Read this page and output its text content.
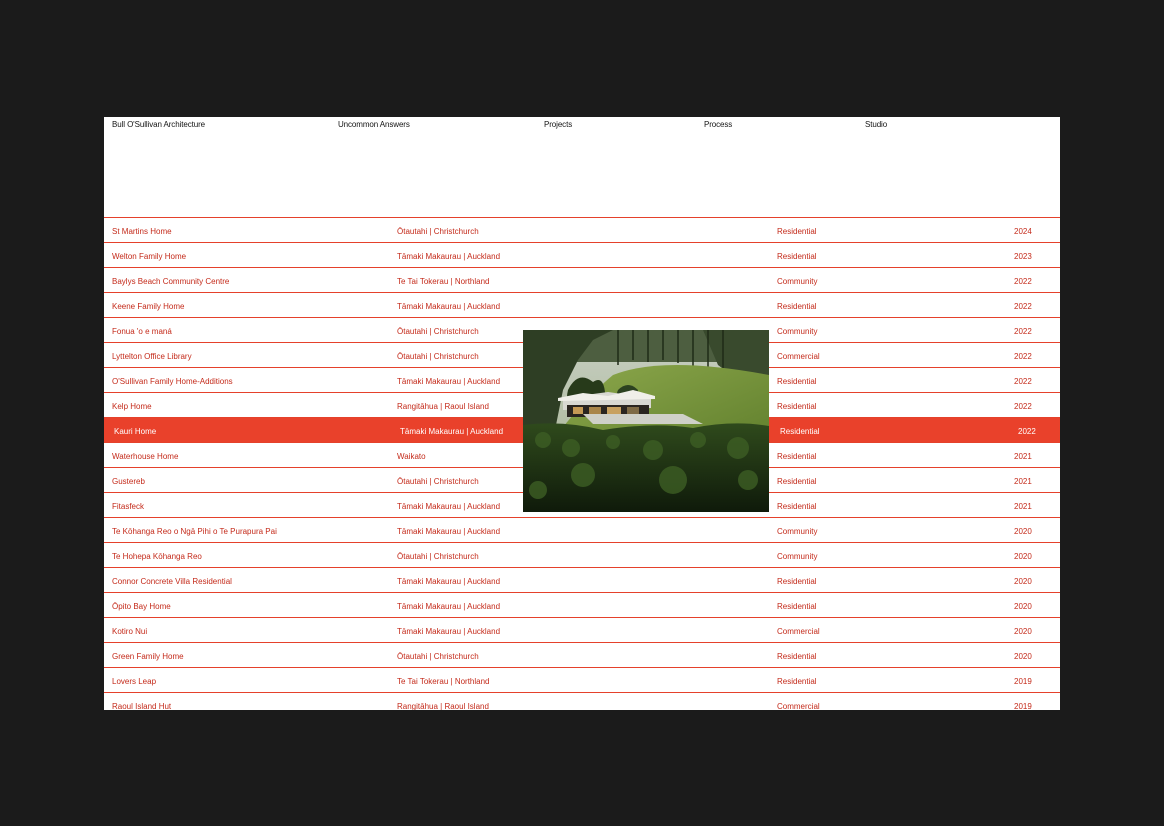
Bull O'Sullivan Architecture	Uncommon Answers	Projects	Process	Studio
St Martins Home	Ōtautahi | Christchurch	Residential	2024
Welton Family Home	Tāmaki Makaurau | Auckland	Residential	2023
Baylys Beach Community Centre	Te Tai Tokerau | Northland	Community	2022
Keene Family Home	Tāmaki Makaurau | Auckland	Residential	2022
Fonua 'o e maná	Ōtautahi | Christchurch	Community	2022
Lyttelton Office Library	Ōtautahi | Christchurch	Commercial	2022
O'Sullivan Family Home-Additions	Tāmaki Makaurau | Auckland	Residential	2022
Kelp Home	Rangitāhua | Raoul Island	Residential	2022
Kauri Home	Tāmaki Makaurau | Auckland	Residential	2022
Waterhouse Home	Waikato	Residential	2021
Gustereb	Ōtautahi | Christchurch	Residential	2021
Fitasfeck	Tāmaki Makaurau | Auckland	Residential	2021
Te Kōhanga Reo o Ngā Pihi o Te Purapura Pai	Tāmaki Makaurau | Auckland	Community	2020
Te Hohepa Kōhanga Reo	Ōtautahi | Christchurch	Community	2020
Connor Concrete Villa Residential	Tāmaki Makaurau | Auckland	Residential	2020
Ōpito Bay Home	Tāmaki Makaurau | Auckland	Residential	2020
Kotiro Nui	Tāmaki Makaurau | Auckland	Commercial	2020
Green Family Home	Ōtautahi | Christchurch	Residential	2020
Lovers Leap	Te Tai Tokerau | Northland	Residential	2019
Raoul Island Hut	Rangitāhua | Raoul Island	Commercial	2019
